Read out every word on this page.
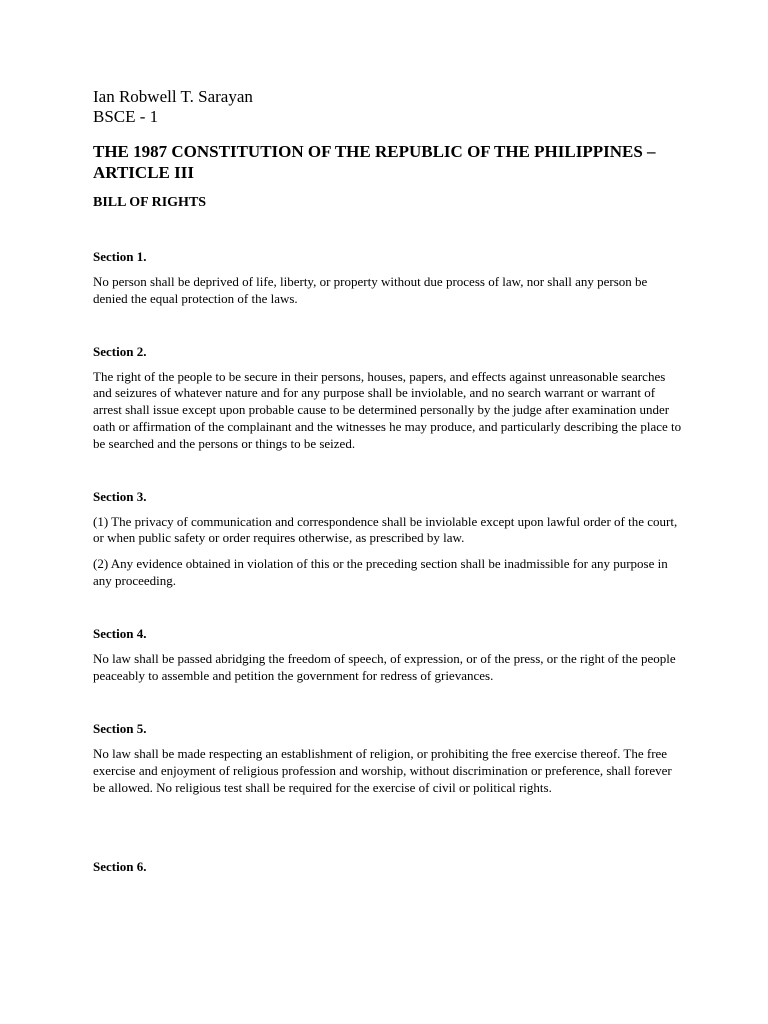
Ian Robwell T. Sarayan
BSCE - 1
THE 1987 CONSTITUTION OF THE REPUBLIC OF THE PHILIPPINES – ARTICLE III
BILL OF RIGHTS
Section 1.
No person shall be deprived of life, liberty, or property without due process of law, nor shall any person be denied the equal protection of the laws.
Section 2.
The right of the people to be secure in their persons, houses, papers, and effects against unreasonable searches and seizures of whatever nature and for any purpose shall be inviolable, and no search warrant or warrant of arrest shall issue except upon probable cause to be determined personally by the judge after examination under oath or affirmation of the complainant and the witnesses he may produce, and particularly describing the place to be searched and the persons or things to be seized.
Section 3.
(1) The privacy of communication and correspondence shall be inviolable except upon lawful order of the court, or when public safety or order requires otherwise, as prescribed by law.
(2) Any evidence obtained in violation of this or the preceding section shall be inadmissible for any purpose in any proceeding.
Section 4.
No law shall be passed abridging the freedom of speech, of expression, or of the press, or the right of the people peaceably to assemble and petition the government for redress of grievances.
Section 5.
No law shall be made respecting an establishment of religion, or prohibiting the free exercise thereof. The free exercise and enjoyment of religious profession and worship, without discrimination or preference, shall forever be allowed. No religious test shall be required for the exercise of civil or political rights.
Section 6.
